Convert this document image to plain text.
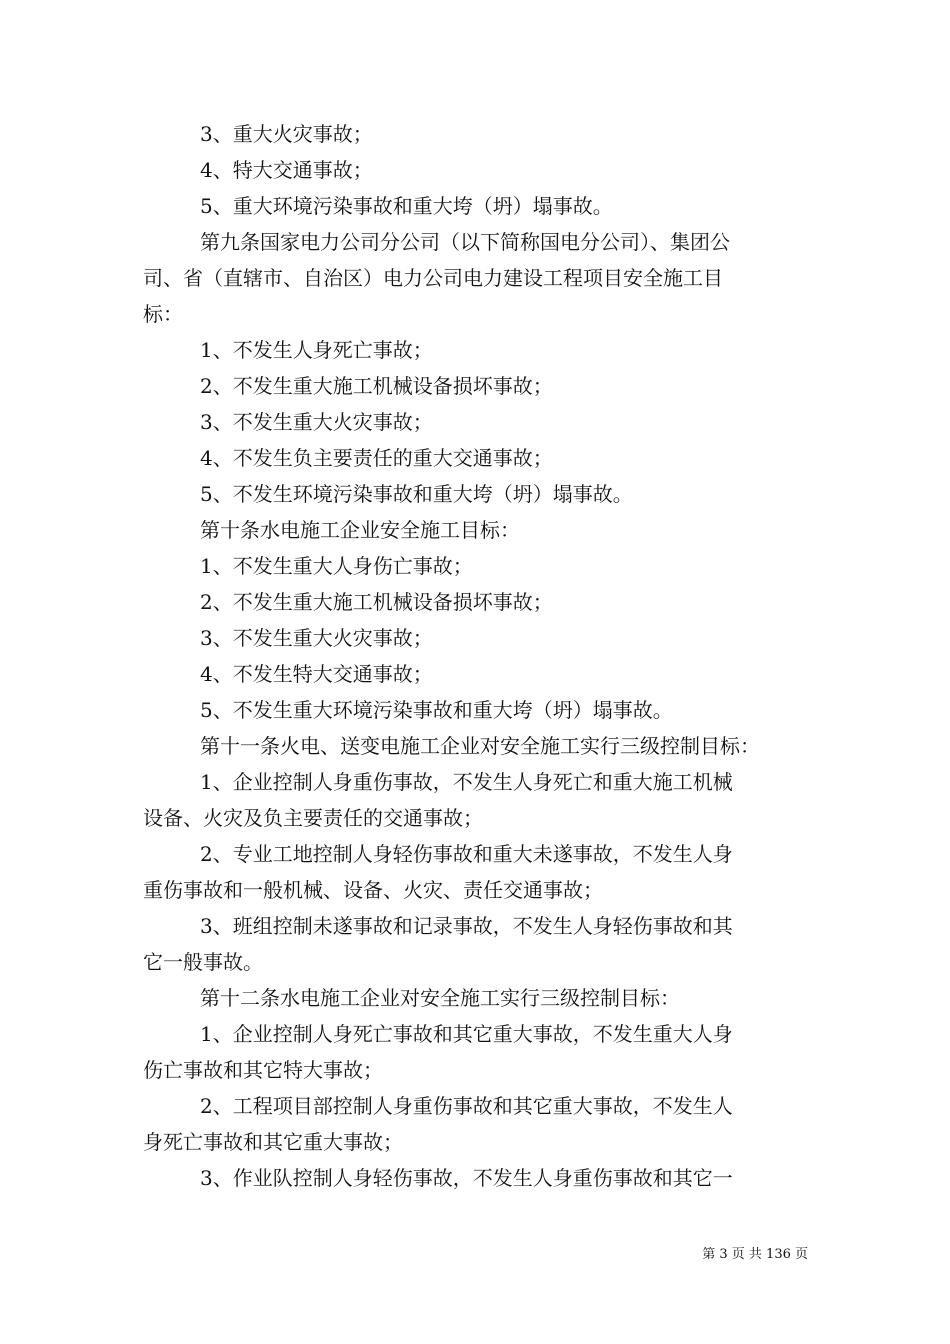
3、重大火灾事故；

4、特大交通事故；

5、重大环境污染事故和重大垮（坍）塌事故。

第九条国家电力公司分公司（以下简称国电分公司）、集团公

司、省（直辖市、自治区）电力公司电力建设工程项目安全施工目

标：

1、不发生人身死亡事故；

2、不发生重大施工机械设备损坏事故；

3、不发生重大火灾事故；

4、不发生负主要责任的重大交通事故；

5、不发生环境污染事故和重大垮（坍）塌事故。

第十条水电施工企业安全施工目标：

1、不发生重大人身伤亡事故；

2、不发生重大施工机械设备损坏事故；

3、不发生重大火灾事故；

4、不发生特大交通事故；

5、不发生重大环境污染事故和重大垮（坍）塌事故。

第十一条火电、送变电施工企业对安全施工实行三级控制目标：

1、企业控制人身重伤事故，不发生人身死亡和重大施工机械

设备、火灾及负主要责任的交通事故；

2、专业工地控制人身轻伤事故和重大未遂事故，不发生人身

重伤事故和一般机械、设备、火灾、责任交通事故；

3、班组控制未遂事故和记录事故，不发生人身轻伤事故和其

它一般事故。

第十二条水电施工企业对安全施工实行三级控制目标：

1、企业控制人身死亡事故和其它重大事故，不发生重大人身

伤亡事故和其它特大事故；

2、工程项目部控制人身重伤事故和其它重大事故，不发生人

身死亡事故和其它重大事故；

3、作业队控制人身轻伤事故，不发生人身重伤事故和其它一

第 3 页 共 136 页
